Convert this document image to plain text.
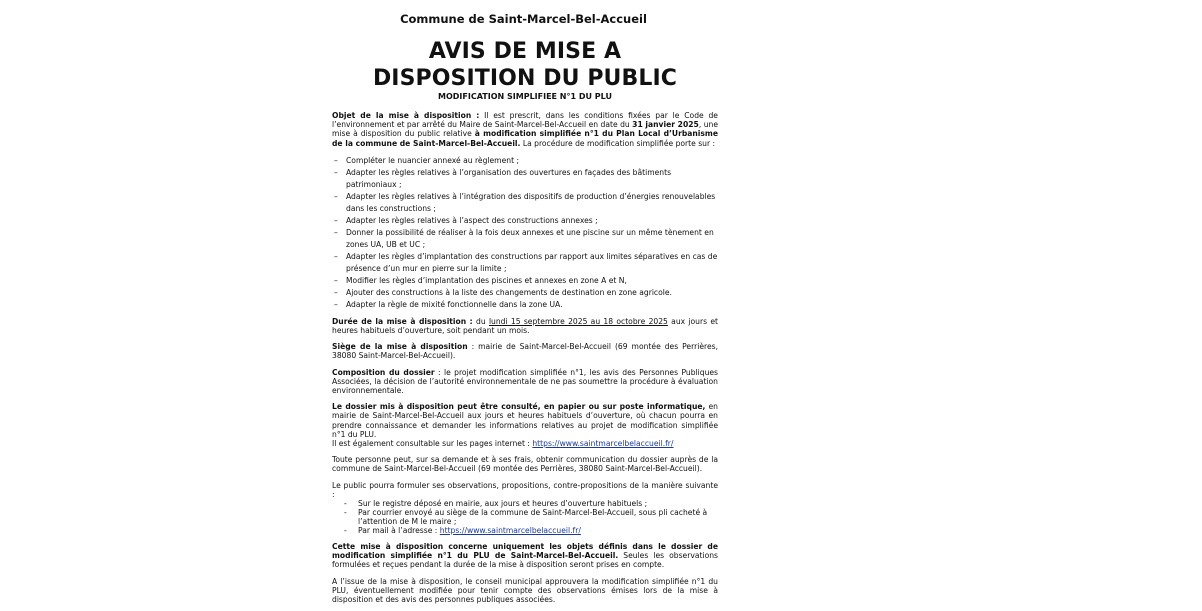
Commune de Saint-Marcel-Bel-Accueil
AVIS DE MISE A
DISPOSITION DU PUBLIC
MODIFICATION SIMPLIFIEE N°1 DU PLU

Objet de la mise à disposition : Il est prescrit, dans les conditions fixées par le Code de l’environnement et par arrêté du Maire de Saint-Marcel-Bel-Accueil en date du 31 janvier 2025, une mise à disposition du public relative à modification simplifiée n°1 du Plan Local d’Urbanisme de la commune de Saint-Marcel-Bel-Accueil. La procédure de modification simplifiée porte sur :

– Compléter le nuancier annexé au règlement ;
– Adapter les règles relatives à l’organisation des ouvertures en façades des bâtiments patrimoniaux ;
– Adapter les règles relatives à l’intégration des dispositifs de production d’énergies renouvelables dans les constructions ;
– Adapter les règles relatives à l’aspect des constructions annexes ;
– Donner la possibilité de réaliser à la fois deux annexes et une piscine sur un même tènement en zones UA, UB et UC ;
– Adapter les règles d’implantation des constructions par rapport aux limites séparatives en cas de présence d’un mur en pierre sur la limite ;
– Modifier les règles d’implantation des piscines et annexes en zone A et N,
– Ajouter des constructions à la liste des changements de destination en zone agricole.
– Adapter la règle de mixité fonctionnelle dans la zone UA.

Durée de la mise à disposition : du lundi 15 septembre 2025 au 18 octobre 2025 aux jours et heures habituels d’ouverture, soit pendant un mois.

Siège de la mise à disposition : mairie de Saint-Marcel-Bel-Accueil (69 montée des Perrières, 38080 Saint-Marcel-Bel-Accueil).

Composition du dossier : le projet modification simplifiée n°1, les avis des Personnes Publiques Associées, la décision de l’autorité environnementale de ne pas soumettre la procédure à évaluation environnementale.

Le dossier mis à disposition peut être consulté, en papier ou sur poste informatique, en mairie de Saint-Marcel-Bel-Accueil aux jours et heures habituels d’ouverture, où chacun pourra en prendre connaissance et demander les informations relatives au projet de modification simplifiée n°1 du PLU.
Il est également consultable sur les pages internet : https://www.saintmarcelbelaccueil.fr/

Toute personne peut, sur sa demande et à ses frais, obtenir communication du dossier auprès de la commune de Saint-Marcel-Bel-Accueil (69 montée des Perrières, 38080 Saint-Marcel-Bel-Accueil).

Le public pourra formuler ses observations, propositions, contre-propositions de la manière suivante :

- Sur le registre déposé en mairie, aux jours et heures d’ouverture habituels ;
- Par courrier envoyé au siège de la commune de Saint-Marcel-Bel-Accueil, sous pli cacheté à l’attention de M le maire ;
- Par mail à l’adresse : https://www.saintmarcelbelaccueil.fr/

Cette mise à disposition concerne uniquement les objets définis dans le dossier de modification simplifiée n°1 du PLU de Saint-Marcel-Bel-Accueil. Seules les observations formulées et reçues pendant la durée de la mise à disposition seront prises en compte.

A l’issue de la mise à disposition, le conseil municipal approuvera la modification simplifiée n°1 du PLU, éventuellement modifiée pour tenir compte des observations émises lors de la mise à disposition et des avis des personnes publiques associées.
